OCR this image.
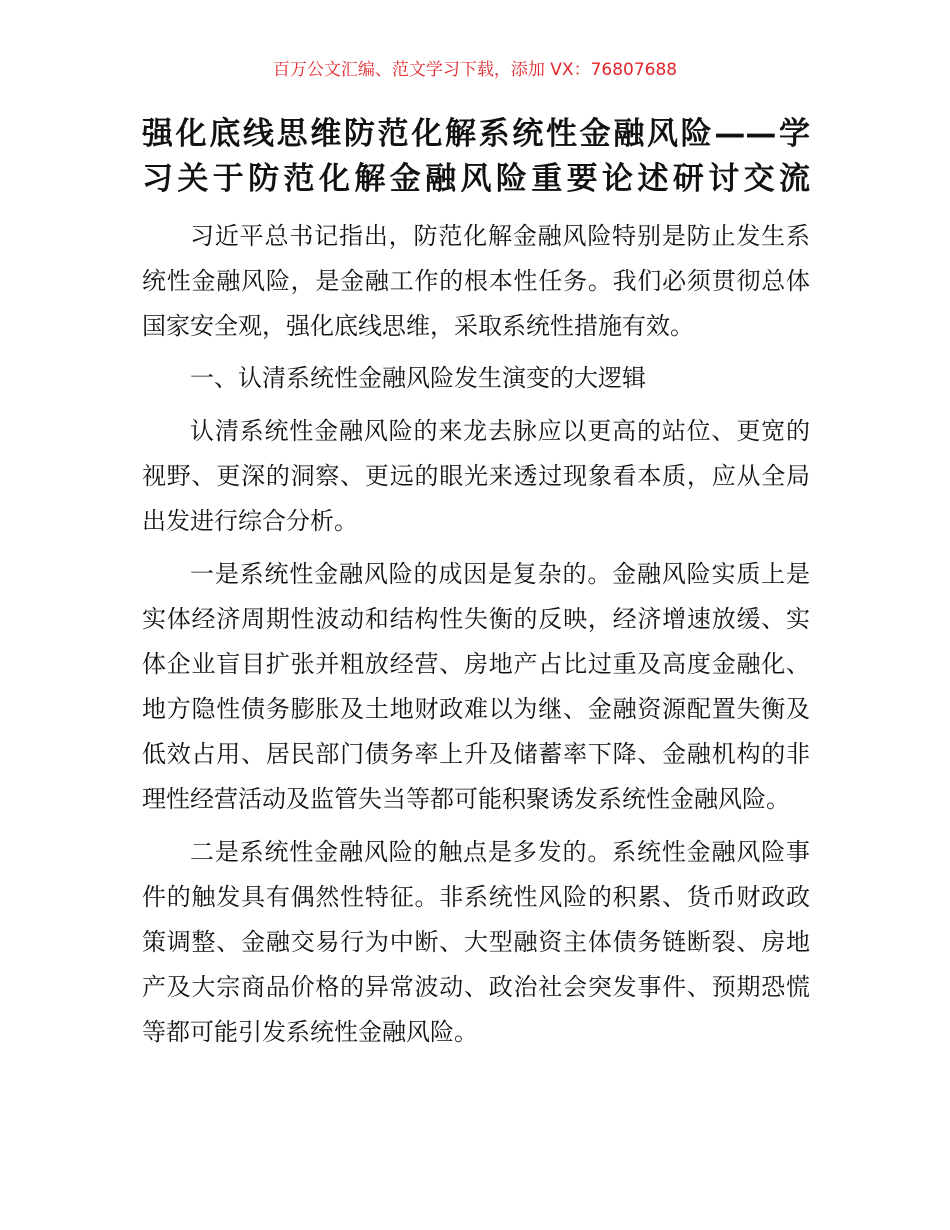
百万公文汇编、范文学习下载，添加 VX：76807688
强化底线思维防范化解系统性金融风险——学
习关于防范化解金融风险重要论述研讨交流
习近平总书记指出，防范化解金融风险特别是防止发生系
统性金融风险，是金融工作的根本性任务。我们必须贯彻总体
国家安全观，强化底线思维，采取系统性措施有效。
一、认清系统性金融风险发生演变的大逻辑
认清系统性金融风险的来龙去脉应以更高的站位、更宽的
视野、更深的洞察、更远的眼光来透过现象看本质，应从全局
出发进行综合分析。
一是系统性金融风险的成因是复杂的。金融风险实质上是
实体经济周期性波动和结构性失衡的反映，经济增速放缓、实
体企业盲目扩张并粗放经营、房地产占比过重及高度金融化、
地方隐性债务膨胀及土地财政难以为继、金融资源配置失衡及
低效占用、居民部门债务率上升及储蓄率下降、金融机构的非
理性经营活动及监管失当等都可能积聚诱发系统性金融风险。
二是系统性金融风险的触点是多发的。系统性金融风险事
件的触发具有偶然性特征。非系统性风险的积累、货币财政政
策调整、金融交易行为中断、大型融资主体债务链断裂、房地
产及大宗商品价格的异常波动、政治社会突发事件、预期恐慌
等都可能引发系统性金融风险。
